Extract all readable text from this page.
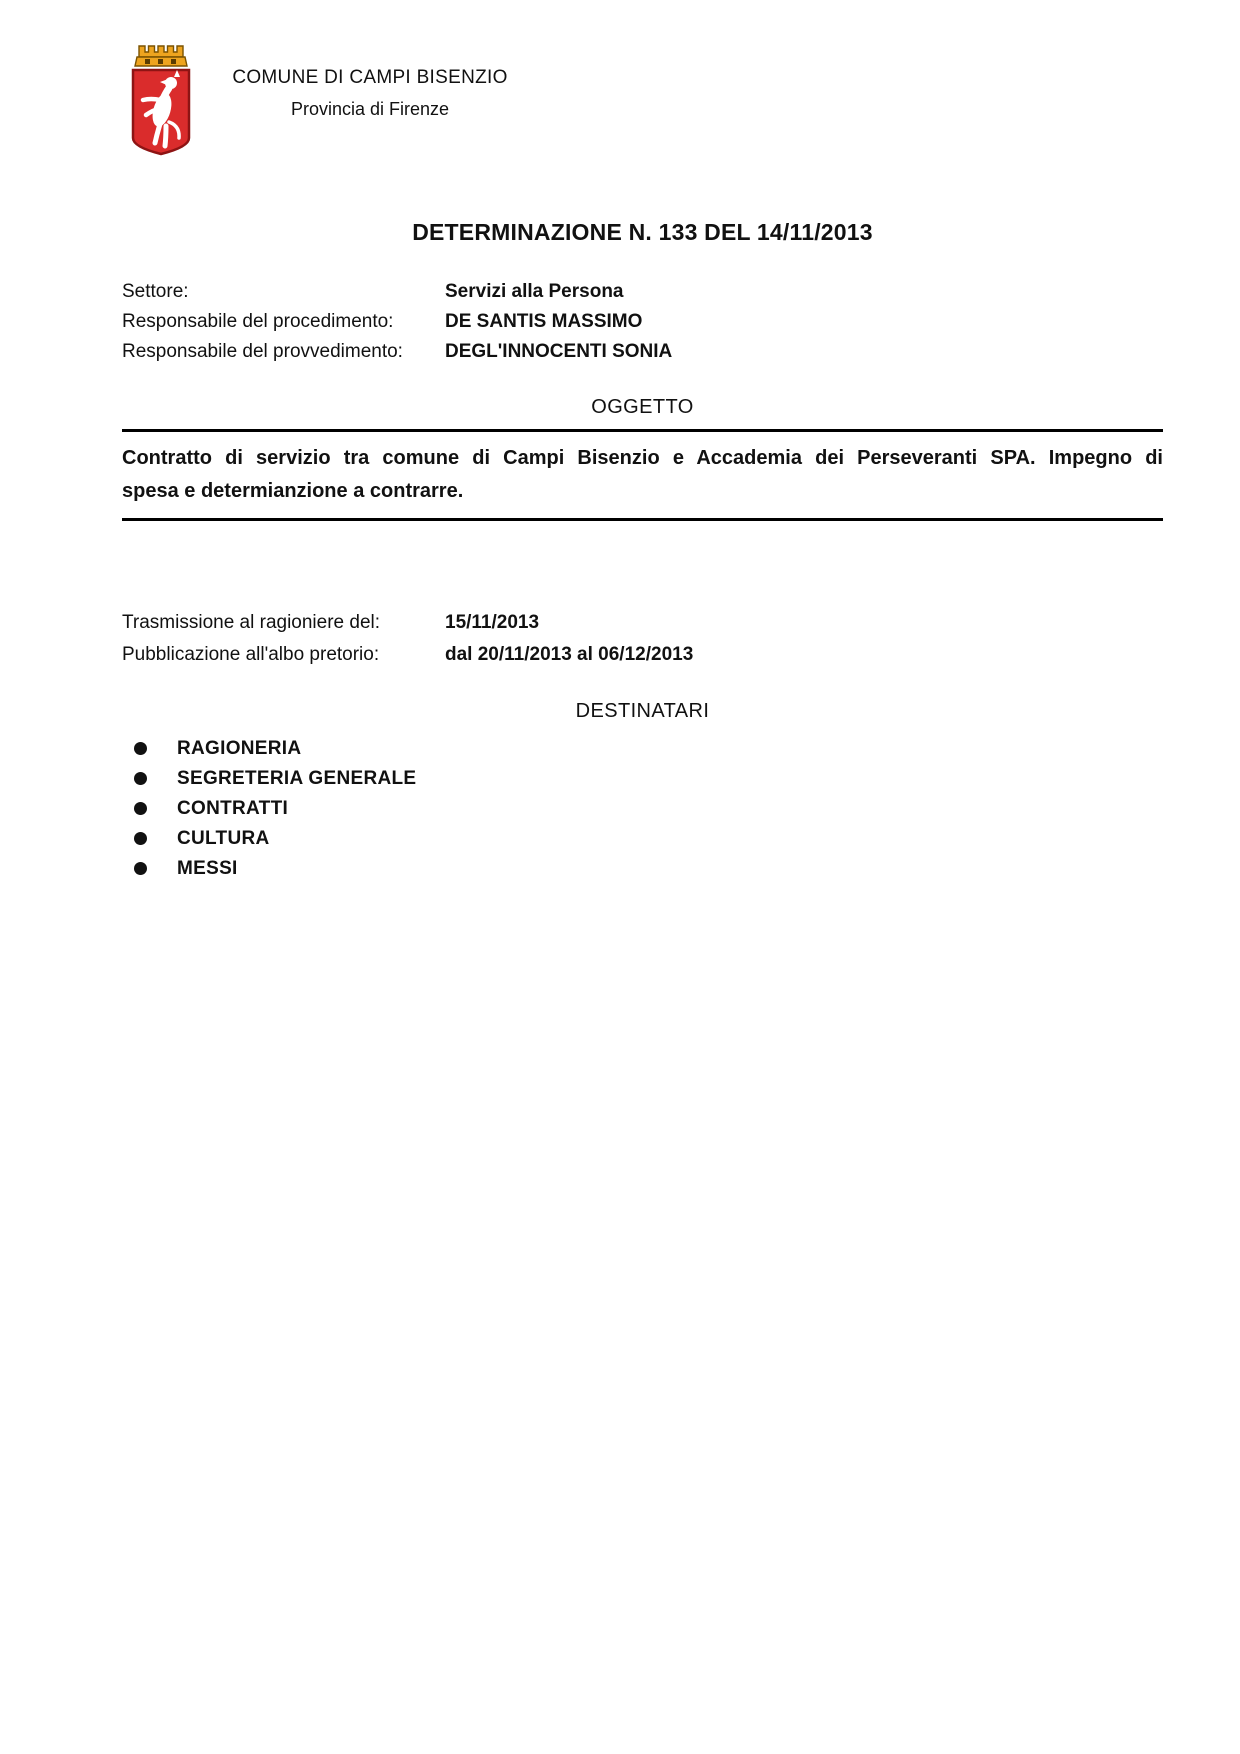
COMUNE DI CAMPI BISENZIO
Provincia di Firenze
DETERMINAZIONE N. 133 DEL 14/11/2013
Settore:	Servizi alla Persona
Responsabile del procedimento:	DE SANTIS MASSIMO
Responsabile del provvedimento:	DEGL'INNOCENTI SONIA
OGGETTO
Contratto di servizio tra comune di Campi Bisenzio e Accademia dei Perseveranti SPA. Impegno di
spesa e determianzione a contrarre.
Trasmissione al ragioniere del:	15/11/2013
Pubblicazione all'albo pretorio:	dal 20/11/2013 al 06/12/2013
DESTINATARI
RAGIONERIA
SEGRETERIA GENERALE
CONTRATTI
CULTURA
MESSI
